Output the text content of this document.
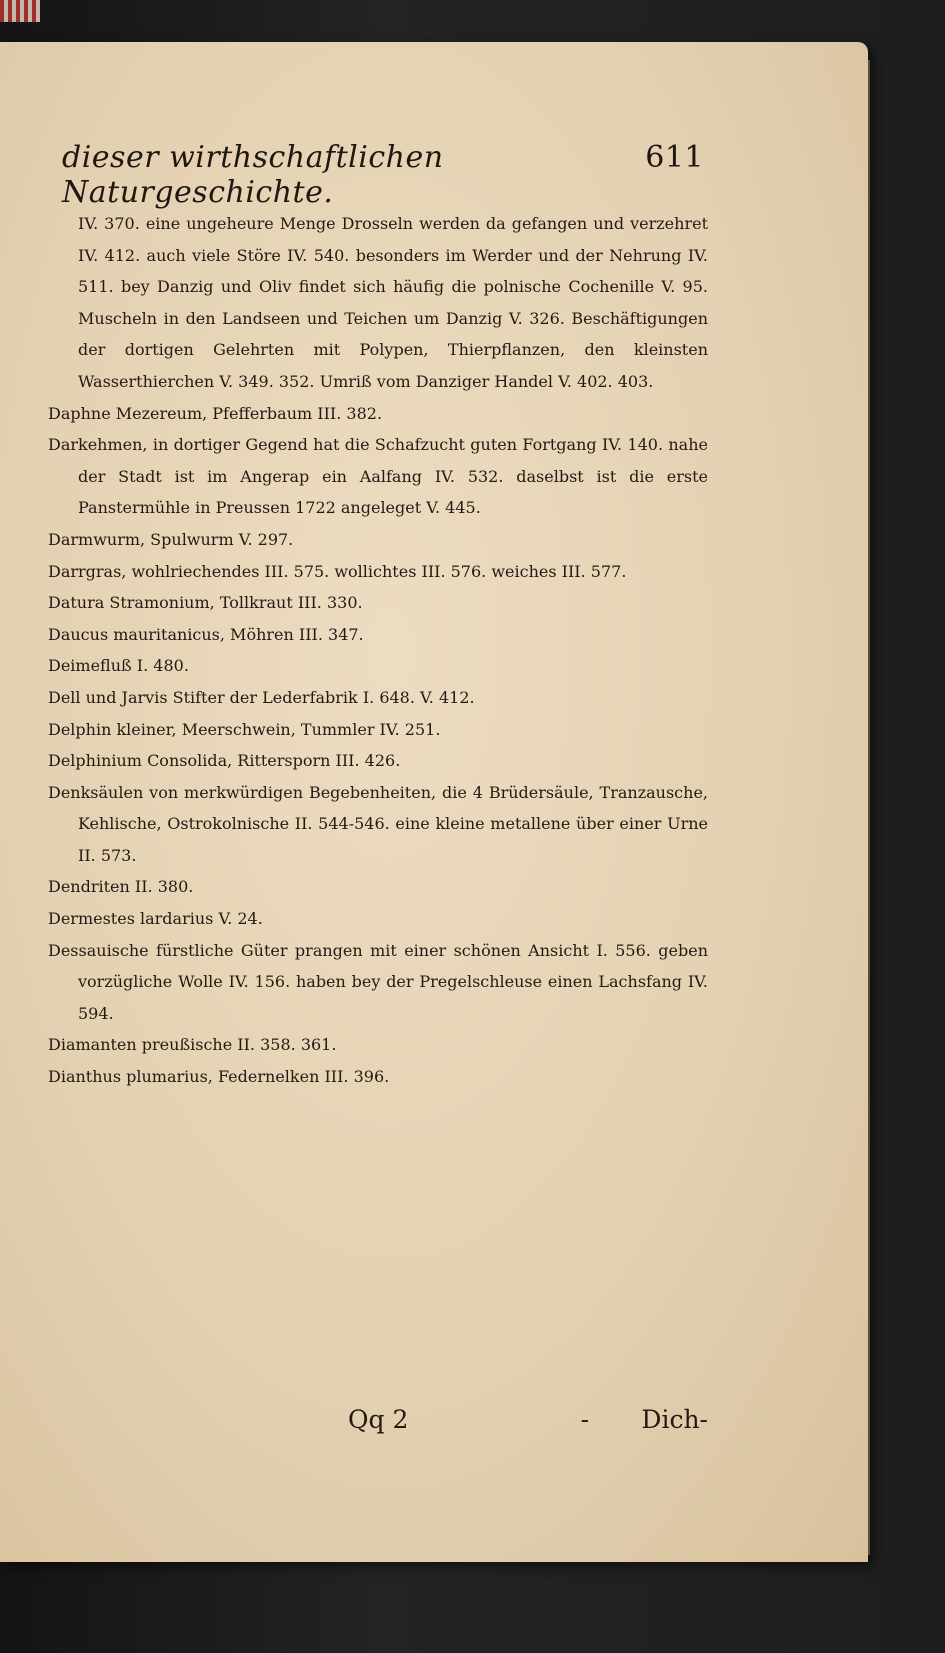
dieser wirthschaftlichen Naturgeschichte.
611
IV. 370. eine ungeheure Menge Drosseln werden da gefangen und verzehret IV. 412. auch viele Störe IV. 540. besonders im Werder und der Nehrung IV. 511. bey Danzig und Oliv findet sich häufig die polnische Cochenille V. 95. Muscheln in den Landseen und Teichen um Danzig V. 326. Beschäftigungen der dortigen Gelehrten mit Polypen, Thierpflanzen, den kleinsten Wasserthierchen V. 349. 352. Umriß vom Danziger Handel V. 402. 403.
Daphne Mezereum, Pfefferbaum III. 382.
Darkehmen, in dortiger Gegend hat die Schafzucht guten Fortgang IV. 140. nahe der Stadt ist im Angerap ein Aalfang IV. 532. daselbst ist die erste Panstermühle in Preussen 1722 angeleget V. 445.
Darmwurm, Spulwurm V. 297.
Darrgras, wohlriechendes III. 575. wollichtes III. 576. weiches III. 577.
Datura Stramonium, Tollkraut III. 330.
Daucus mauritanicus, Möhren III. 347.
Deimefluß I. 480.
Dell und Jarvis Stifter der Lederfabrik I. 648. V. 412.
Delphin kleiner, Meerschwein, Tummler IV. 251.
Delphinium Consolida, Rittersporn III. 426.
Denksäulen von merkwürdigen Begebenheiten, die 4 Brüdersäule, Tranzausche, Kehlische, Ostrokolnische II. 544-546. eine kleine metallene über einer Urne II. 573.
Dendriten II. 380.
Dermestes lardarius V. 24.
Dessauische fürstliche Güter prangen mit einer schönen Ansicht I. 556. geben vorzügliche Wolle IV. 156. haben bey der Pregelschleuse einen Lachsfang IV. 594.
Diamanten preußische II. 358. 361.
Dianthus plumarius, Federnelken III. 396.
Qq 2	- Dich-
